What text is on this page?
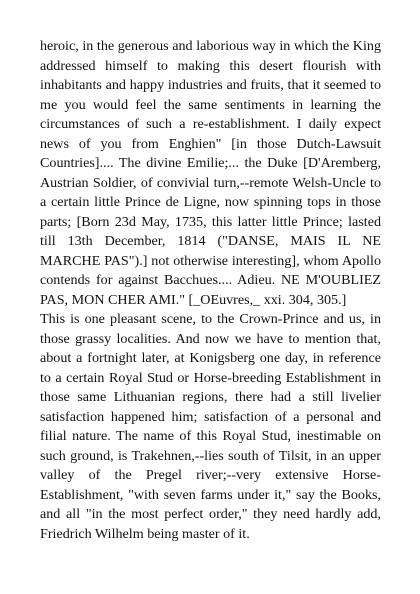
heroic, in the generous and laborious way in which the King addressed himself to making this desert flourish with inhabitants and happy industries and fruits, that it seemed to me you would feel the same sentiments in learning the circumstances of such a re-establishment. I daily expect news of you from Enghien" [in those Dutch-Lawsuit Countries].... The divine Emilie;... the Duke [D'Aremberg, Austrian Soldier, of convivial turn,--remote Welsh-Uncle to a certain little Prince de Ligne, now spinning tops in those parts; [Born 23d May, 1735, this latter little Prince; lasted till 13th December, 1814 ("DANSE, MAIS IL NE MARCHE PAS").] not otherwise interesting], whom Apollo contends for against Bacchues.... Adieu. NE M'OUBLIEZ PAS, MON CHER AMI." [_OEuvres,_ xxi. 304, 305.]

This is one pleasant scene, to the Crown-Prince and us, in those grassy localities. And now we have to mention that, about a fortnight later, at Konigsberg one day, in reference to a certain Royal Stud or Horse-breeding Establishment in those same Lithuanian regions, there had a still livelier satisfaction happened him; satisfaction of a personal and filial nature. The name of this Royal Stud, inestimable on such ground, is Trakehnen,--lies south of Tilsit, in an upper valley of the Pregel river;--very extensive Horse-Establishment, "with seven farms under it," say the Books, and all "in the most perfect order," they need hardly add, Friedrich Wilhelm being master of it.
